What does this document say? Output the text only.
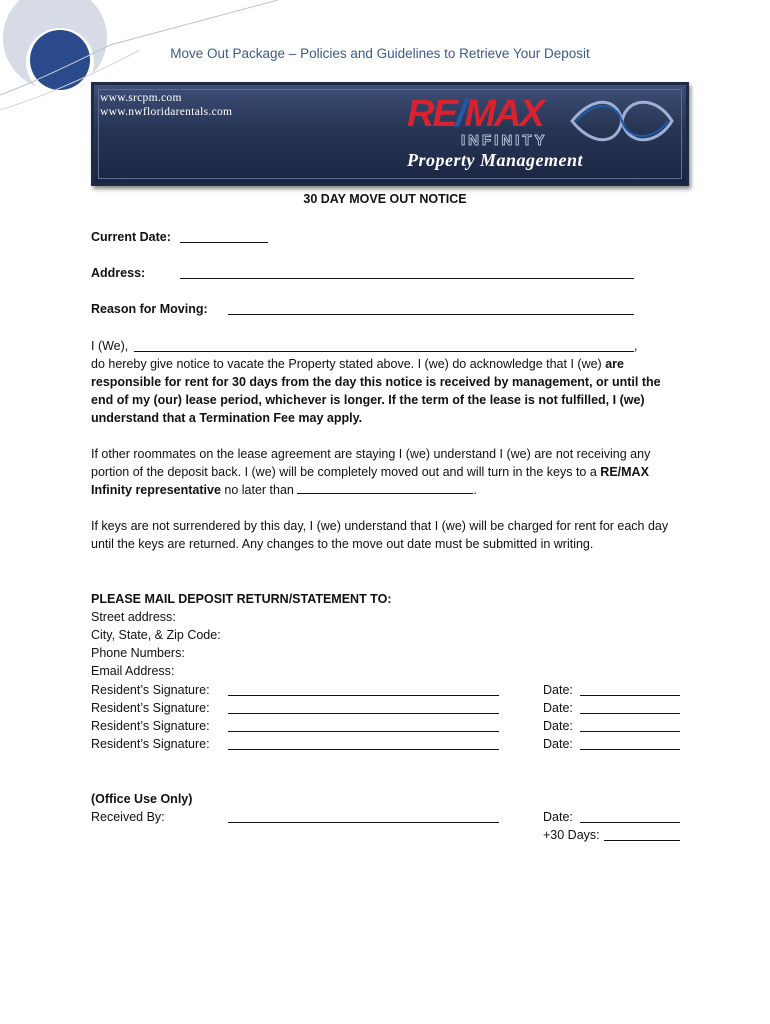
Move Out Package – Policies and Guidelines to Retrieve Your Deposit
www.srcpm.com
www.nwfloridarentals.com	RE/MAX
INFINITY
Property Management
30 DAY MOVE OUT NOTICE
Current Date:
Address:
Reason for Moving:
I (We),	,
do hereby give notice to vacate the Property stated above. I (we) do acknowledge that I (we) are responsible for rent for 30 days from the day this notice is received by management, or until the end of my (our) lease period, whichever is longer. If the term of the lease is not fulfilled, I (we) understand that a Termination Fee may apply.
If other roommates on the lease agreement are staying I (we) understand I (we) are not receiving any portion of the deposit back. I (we) will be completely moved out and will turn in the keys to a RE/MAX Infinity representative no later than	.
If keys are not surrendered by this day, I (we) understand that I (we) will be charged for rent for each day until the keys are returned. Any changes to the move out date must be submitted in writing.
PLEASE MAIL DEPOSIT RETURN/STATEMENT TO:
Street address:
City, State, & Zip Code:
Phone Numbers:
Email Address:
Resident’s Signature:	Date:
Resident’s Signature:	Date:
Resident’s Signature:	Date:
Resident’s Signature:	Date:
(Office Use Only)
Received By:	Date:
+30 Days:
